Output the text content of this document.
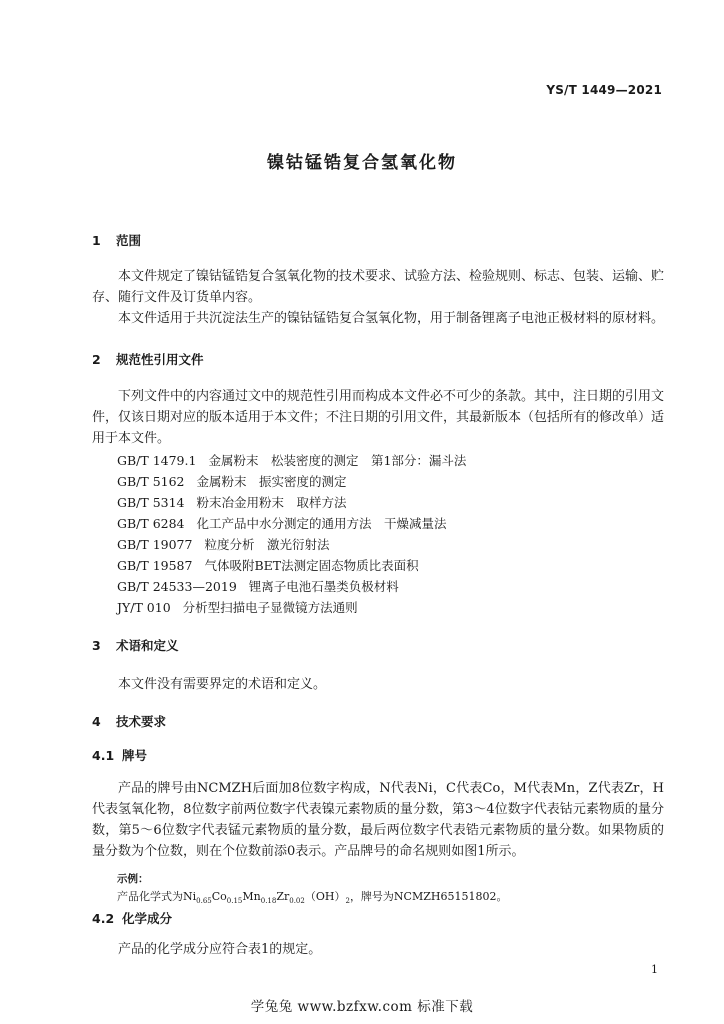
YS/T 1449—2021
镍钴锰锆复合氢氧化物
1 范围
本文件规定了镍钴锰锆复合氢氧化物的技术要求、试验方法、检验规则、标志、包装、运输、贮存、随行文件及订货单内容。
本文件适用于共沉淀法生产的镍钴锰锆复合氢氧化物，用于制备锂离子电池正极材料的原材料。
2 规范性引用文件
下列文件中的内容通过文中的规范性引用而构成本文件必不可少的条款。其中，注日期的引用文件，仅该日期对应的版本适用于本文件；不注日期的引用文件，其最新版本（包括所有的修改单）适用于本文件。
GB/T 1479.1 金属粉末　松装密度的测定　第1部分：漏斗法
GB/T 5162 金属粉末　振实密度的测定
GB/T 5314 粉末冶金用粉末　取样方法
GB/T 6284 化工产品中水分测定的通用方法　干燥减量法
GB/T 19077 粒度分析　激光衍射法
GB/T 19587 气体吸附BET法测定固态物质比表面积
GB/T 24533—2019 锂离子电池石墨类负极材料
JY/T 010 分析型扫描电子显微镜方法通则
3 术语和定义
本文件没有需要界定的术语和定义。
4 技术要求
4.1 牌号
产品的牌号由NCMZH后面加8位数字构成，N代表Ni，C代表Co，M代表Mn，Z代表Zr，H代表氢氧化物，8位数字前两位数字代表镍元素物质的量分数，第3～4位数字代表钴元素物质的量分数，第5～6位数字代表锰元素物质的量分数，最后两位数字代表锆元素物质的量分数。如果物质的量分数为个位数，则在个位数前添0表示。产品牌号的命名规则如图1所示。
示例：
产品化学式为$Ni_{0.65}Co_{0.15}Mn_{0.18}Zr_{0.02}(OH)_2$，牌号为NCMZH65151802。
4.2 化学成分
产品的化学成分应符合表1的规定。
1
学兔兔 www.bzfxw.com 标准下载
